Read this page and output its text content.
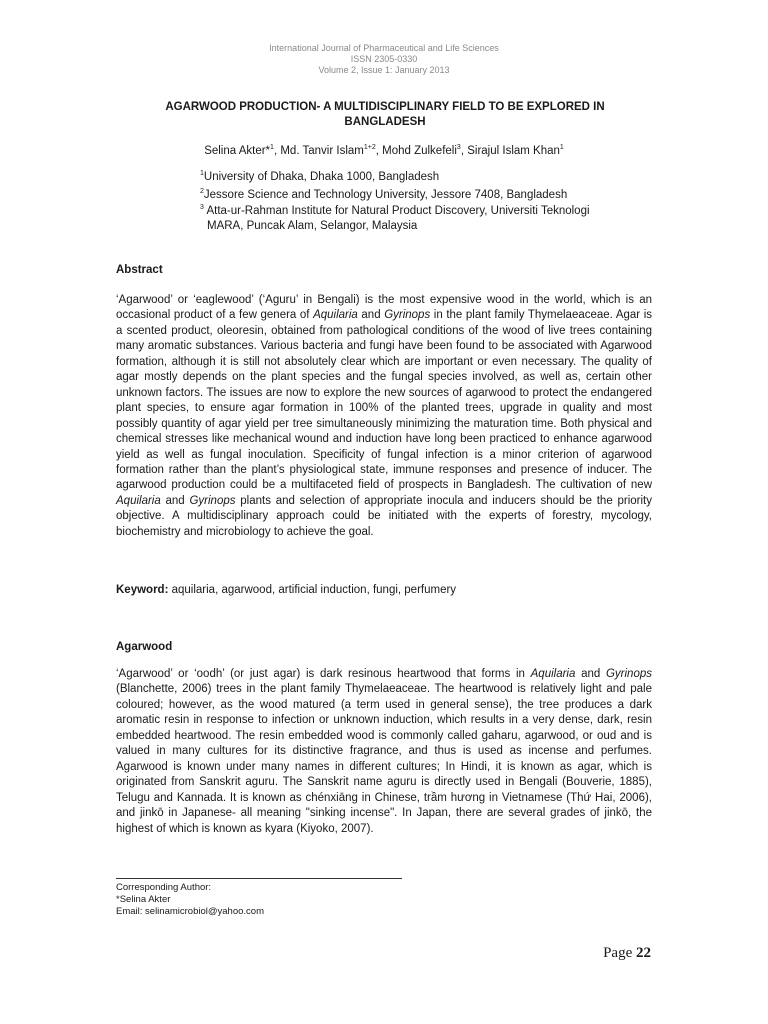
International Journal of Pharmaceutical and Life Sciences
ISSN 2305-0330
Volume 2, Issue 1: January 2013
AGARWOOD PRODUCTION- A MULTIDISCIPLINARY FIELD TO BE EXPLORED IN
BANGLADESH
Selina Akter*$^1$, Md. Tanvir Islam$^{1+2}$, Mohd Zulkefeli$^3$, Sirajul Islam Khan$^1$
$^1$University of Dhaka, Dhaka 1000, Bangladesh
$^2$Jessore Science and Technology University, Jessore 7408, Bangladesh
$^3$ Atta-ur-Rahman Institute for Natural Product Discovery, Universiti Teknologi
MARA, Puncak Alam, Selangor, Malaysia
Abstract
‘Agarwood’ or ‘eaglewood’ (‘Aguru’ in Bengali) is the most expensive wood in the world, which is an occasional product of a few genera of Aquilaria and Gyrinops in the plant family Thymelaeaceae. Agar is a scented product, oleoresin, obtained from pathological conditions of the wood of live trees containing many aromatic substances. Various bacteria and fungi have been found to be associated with Agarwood formation, although it is still not absolutely clear which are important or even necessary. The quality of agar mostly depends on the plant species and the fungal species involved, as well as, certain other unknown factors. The issues are now to explore the new sources of agarwood to protect the endangered plant species, to ensure agar formation in 100% of the planted trees, upgrade in quality and most possibly quantity of agar yield per tree simultaneously minimizing the maturation time. Both physical and chemical stresses like mechanical wound and induction have long been practiced to enhance agarwood yield as well as fungal inoculation. Specificity of fungal infection is a minor criterion of agarwood formation rather than the plant’s physiological state, immune responses and presence of inducer. The agarwood production could be a multifaceted field of prospects in Bangladesh. The cultivation of new Aquilaria and Gyrinops plants and selection of appropriate inocula and inducers should be the priority objective. A multidisciplinary approach could be initiated with the experts of forestry, mycology, biochemistry and microbiology to achieve the goal.
Keyword: aquilaria, agarwood, artificial induction, fungi, perfumery
Agarwood
‘Agarwood’ or ‘oodh’ (or just agar) is dark resinous heartwood that forms in Aquilaria and Gyrinops (Blanchette, 2006) trees in the plant family Thymelaeaceae. The heartwood is relatively light and pale coloured; however, as the wood matured (a term used in general sense), the tree produces a dark aromatic resin in response to infection or unknown induction, which results in a very dense, dark, resin embedded heartwood. The resin embedded wood is commonly called gaharu, agarwood, or oud and is valued in many cultures for its distinctive fragrance, and thus is used as incense and perfumes. Agarwood is known under many names in different cultures; In Hindi, it is known as agar, which is originated from Sanskrit aguru. The Sanskrit name aguru is directly used in Bengali (Bouverie, 1885), Telugu and Kannada. It is known as chénxiāng in Chinese, trầm hương in Vietnamese (Thứ Hai, 2006), and jinkō in Japanese- all meaning "sinking incense". In Japan, there are several grades of jinkō, the highest of which is known as kyara (Kiyoko, 2007).
Corresponding Author:
*Selina Akter
Email: selinamicrobiol@yahoo.com
Page 22
